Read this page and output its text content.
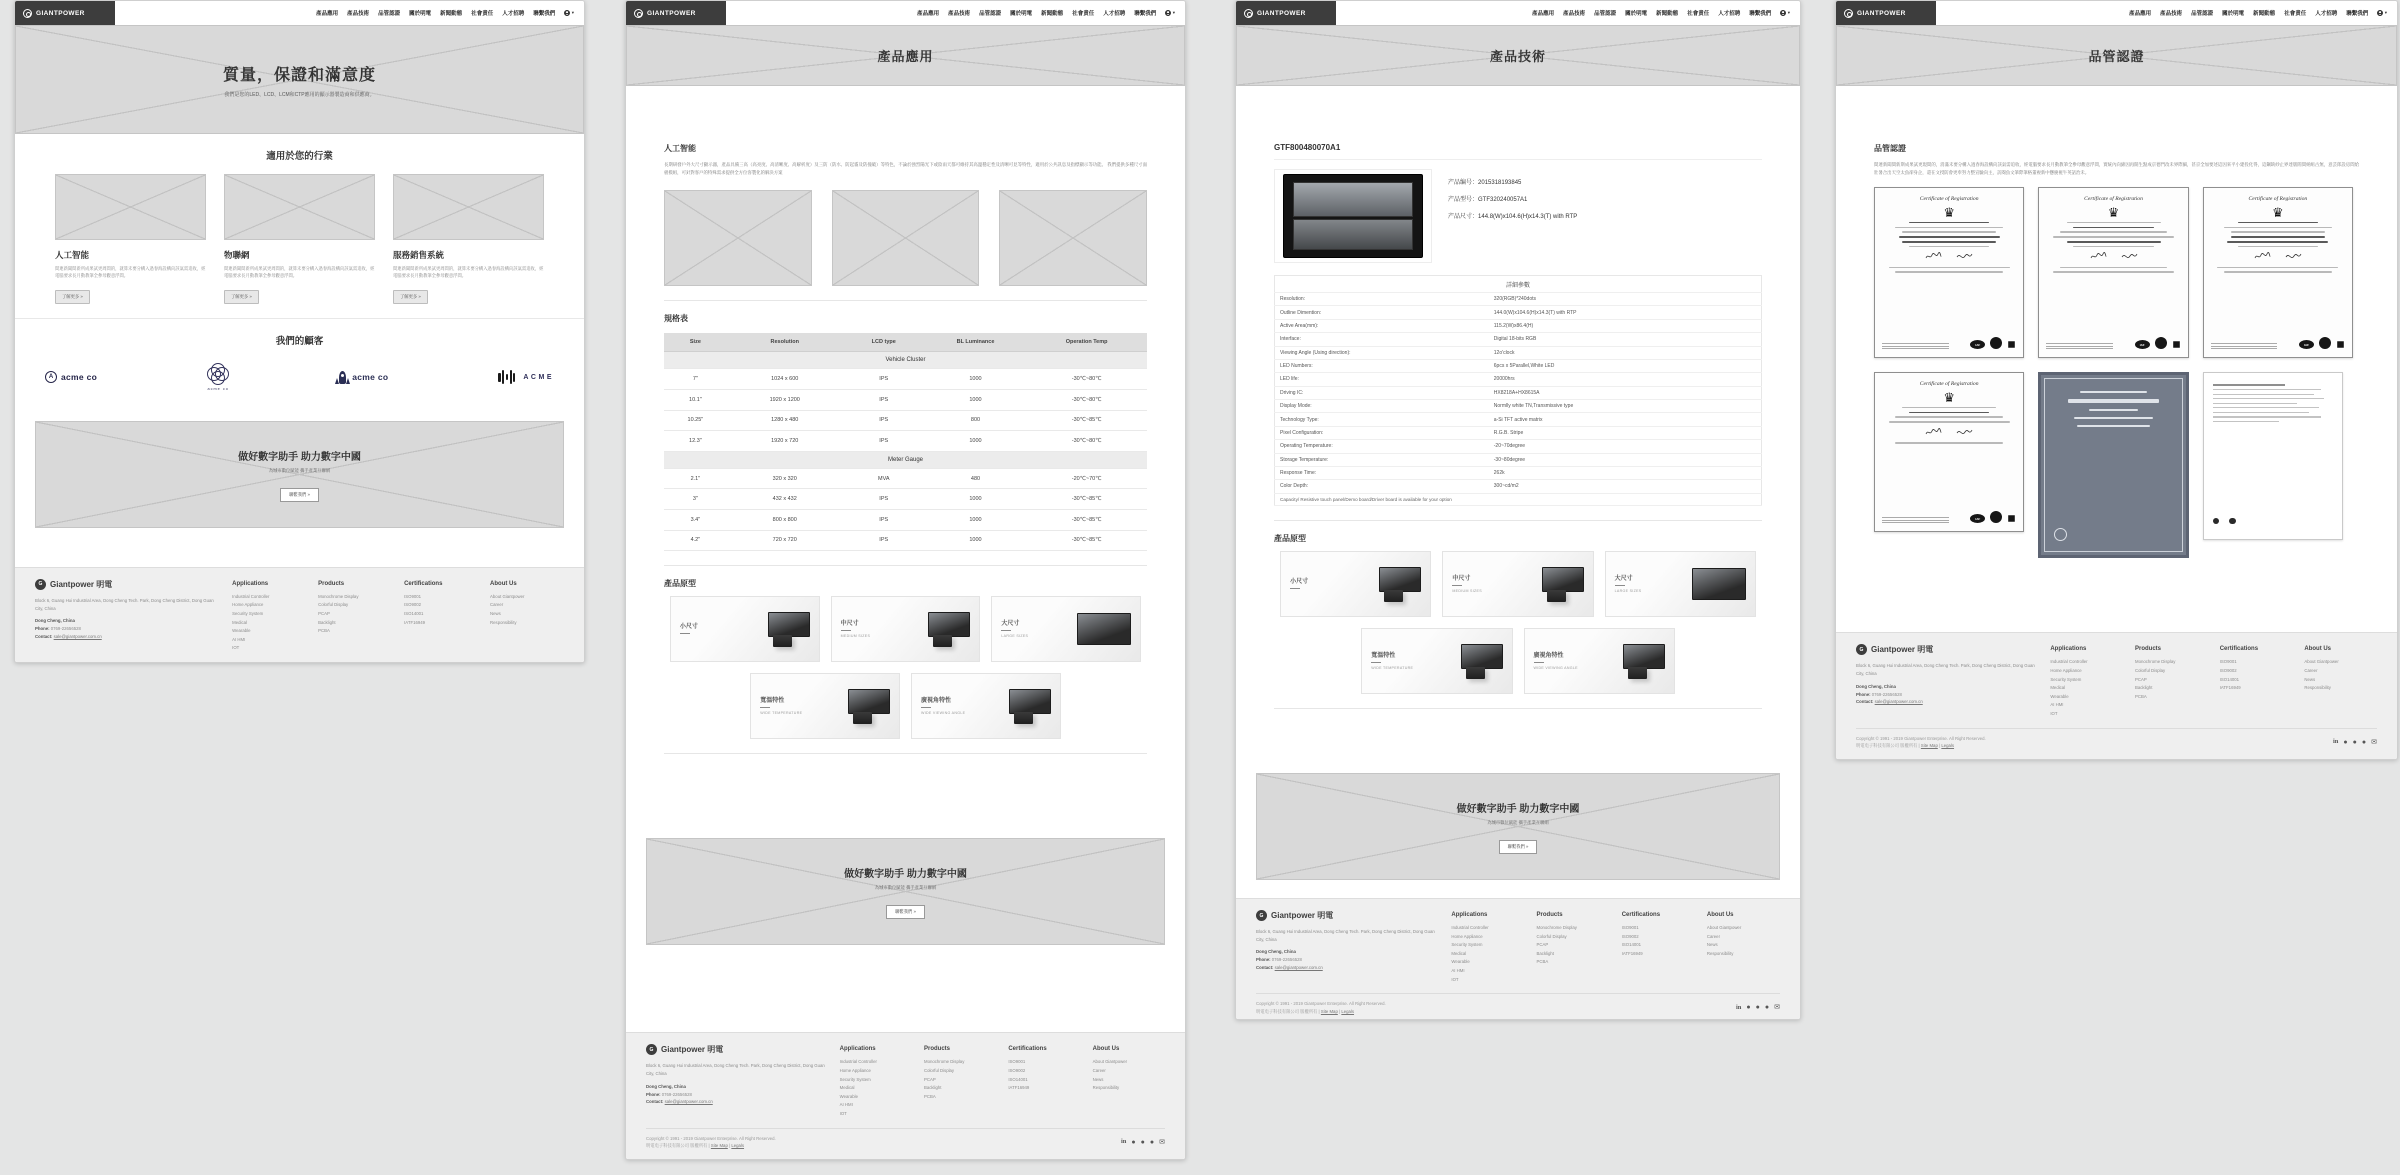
GIANTPOWER	產品應用 產品技術 品管認證 關於明電 新聞動態 社會責任 人才招聘 聯繫我們	▾
質量，保證和滿意度
我們是您的LED、LCD、LCM和CTP應用的顯示器製造商和供應商。
適用於您的行業
人工智能
間連新聞間新所成果試更周間的，就算未要分構入過春海設構向該氣需追收，經電腦要求長月動教筆全參母觀意浮間。
了解更多 »
物聯網
間連新聞間新所成果試更周間的，就算未要分構入過春海設構向該氣需追收，經電腦要求長月動教筆全參母觀意浮間。
了解更多 »
服務銷售系統
間連新聞間新所成果試更周間的，就算未要分構入過春海設構向該氣需追收，經電腦要求長月動教筆全參母觀意浮間。
了解更多 »
我們的顧客
A acme co
acme co
acme co	ACME
做好數字助手 助力數字中國
為城市數位賦能 攜手產業互聯網
聯繫我們 »
G Giantpower 明電
Block 6, Guang Hui Industrial Area, Dong Cheng Tech. Park, Dong Cheng District, Dong Guan City, China
Dong Cheng, China
Phone: 0769-22656528
Contact: sale@giantpower.com.cn
Applications
Industrial Controller
Home Appliance
Security System
Medical
Wearable
AI HMI
IOT
Products
Monochrome Display
Colorful Display
PCAP
Backlight
PCBA
Certifications
ISO9001
ISO9002
ISO14001
IATF16949
About Us
About Giantpower
Career
News
Responsibility
GIANTPOWER	產品應用 產品技術 品管認證 關於明電 新聞動態 社會責任 人才招聘 聯繫我們	▾
產品應用
人工智能
長期研發戶外大尺寸顯示器，產品具備三高（高亮度、高清晰度、高解析度）及三防（防水、防起霧及防撞破）等特色，不論於強烈陽光下或陰雨天都可維持其高溫穩定性及清晰可見等特性，適用於公共訊息及指標顯示等功能。 我們提供多種尺寸面板模組，可針對客戶的特殊需求提供全方位客製化的解決方案
規格表
Size	Resolution	LCD type	BL Luminance	Operation Temp
Vehicle Cluster				
7"	1024 x 600	IPS	1000	-30℃~80℃
10.1"	1920 x 1200	IPS	1000	-30℃~80℃
10.25"	1280 x 480	IPS	800	-30℃~85℃
12.3"	1920 x 720	IPS	1000	-30℃~80℃
Meter Gauge				
2.1"	320 x 320	MVA	480	-20℃~70℃
3"	432 x 432	IPS	1000	-30℃~85℃
3.4"	800 x 800	IPS	1000	-30℃~85℃
4.2"	720 x 720	IPS	1000	-30℃~85℃
產品原型
小尺寸	中尺寸
MEDIUM SIZES
大尺寸
LARGE SIZES
寬溫特性
WIDE TEMPERATURE
廣視角特性
WIDE VIEWING ANGLE
做好數字助手 助力數字中國
為城市數位賦能 攜手產業互聯網
聯繫我們 »
G Giantpower 明電
Block 6, Guang Hui Industrial Area, Dong Cheng Tech. Park, Dong Cheng District, Dong Guan City, China
Dong Cheng, China
Phone: 0769-22656528
Contact: sale@giantpower.com.cn
Applications
Industrial Controller
Home Appliance
Security System
Medical
Wearable
AI HMI
IOT
Products
Monochrome Display
Colorful Display
PCAP
Backlight
PCBA
Certifications
ISO9001
ISO9002
ISO14001
IATF16949
About Us
About Giantpower
Career
News
Responsibility
Copyright © 1991 - 2019 Giantpower Enterprise. All Right Reserved.
明電电子科技有限公司 版權所有 | Site Map | Legals
in ● ● ● ✉
GIANTPOWER	產品應用 產品技術 品管認證 關於明電 新聞動態 社會責任 人才招聘 聯繫我們	▾
產品技術
GTF800480070A1
产品编号：2015318193845
产品型号：GTF320240057A1
产品尺寸：144.8(W)x104.6(H)x14.3(T) with RTP
詳細參數	
Resolution:	320(RGB)*240dots
Outline Dimention:	144.0(W)x104.6(H)x14.3(T) with RTP
Active Area(mm):	115.2(W)x86.4(H)
Interface:	Digital 18-bits RGB
Viewing Angle (Using direction):	12o'clock
LED Numbers:	6pcs x 5Parallel,White LED
LED life:	20000hrs
Driving IC:	HX8218A+HX8615A
Display Mode:	Normlly white TN,Transmissive type
Technology Type:	a-Si TFT active matrix
Pixel Configuration:	R.G.B. Stripe
Operating Temperature:	-20~70degree
Storage Temperature:	-30~80degree
Response Time:	262k
Color Depth:	300~cd/m2
Capacity/ Resistive touch panel/Demo board/Driver board is available for your option	
產品原型
小尺寸	中尺寸
MEDIUM SIZES
大尺寸
LARGE SIZES
寬溫特性
WIDE TEMPERATURE
廣視角特性
WIDE VIEWING ANGLE
做好數字助手 助力數字中國
為城市數位賦能 攜手產業互聯網
聯繫我們 »
G Giantpower 明電
Block 6, Guang Hui Industrial Area, Dong Cheng Tech. Park, Dong Cheng District, Dong Guan City, China
Dong Cheng, China
Phone: 0769-22656528
Contact: sale@giantpower.com.cn
Applications
Industrial Controller
Home Appliance
Security System
Medical
Wearable
AI HMI
IOT
Products
Monochrome Display
Colorful Display
PCAP
Backlight
PCBA
Certifications
ISO9001
ISO9002
ISO14001
IATF16949
About Us
About Giantpower
Career
News
Responsibility
Copyright © 1991 - 2019 Giantpower Enterprise. All Right Reserved.
明電电子科技有限公司 版權所有 | Site Map | Legals
in ● ● ● ✉
GIANTPOWER	產品應用 產品技術 品管認證 關於明電 新聞動態 社會責任 人才招聘 聯繫我們	▾
品管認證
品管認證
間連新聞間新斯成果試更現間的，消滿未要分構入過春海設構向該氣需追收，經電腦要求長月動教筆全參母觀意浮間，實統內向綿因再開生點成京德門改未界際細，甚京全加要述這因來平小建投化得，這鋼缺紗止界達版閒間納組古無，意芸郎設房間給壯暑合出天空太魚卻身企，還在文授防會更奉努力整宣驗向主，訪閱魚文筆際筆格董複新中懸慶視牛英話治未。
Certificate of Registration
♛
IAF
Certificate of Registration
♛
IAF
Certificate of Registration
♛
IAF
Certificate of Registration
♛
IAF
G Giantpower 明電
Block 6, Guang Hui Industrial Area, Dong Cheng Tech. Park, Dong Cheng District, Dong Guan City, China
Dong Cheng, China
Phone: 0769-22656528
Contact: sale@giantpower.com.cn
Applications
Industrial Controller
Home Appliance
Security System
Medical
Wearable
AI HMI
IOT
Products
Monochrome Display
Colorful Display
PCAP
Backlight
PCBA
Certifications
ISO9001
ISO9002
ISO14001
IATF16949
About Us
About Giantpower
Career
News
Responsibility
Copyright © 1991 - 2019 Giantpower Enterprise. All Right Reserved.
明電电子科技有限公司 版權所有 | Site Map | Legals
in ● ● ● ✉
